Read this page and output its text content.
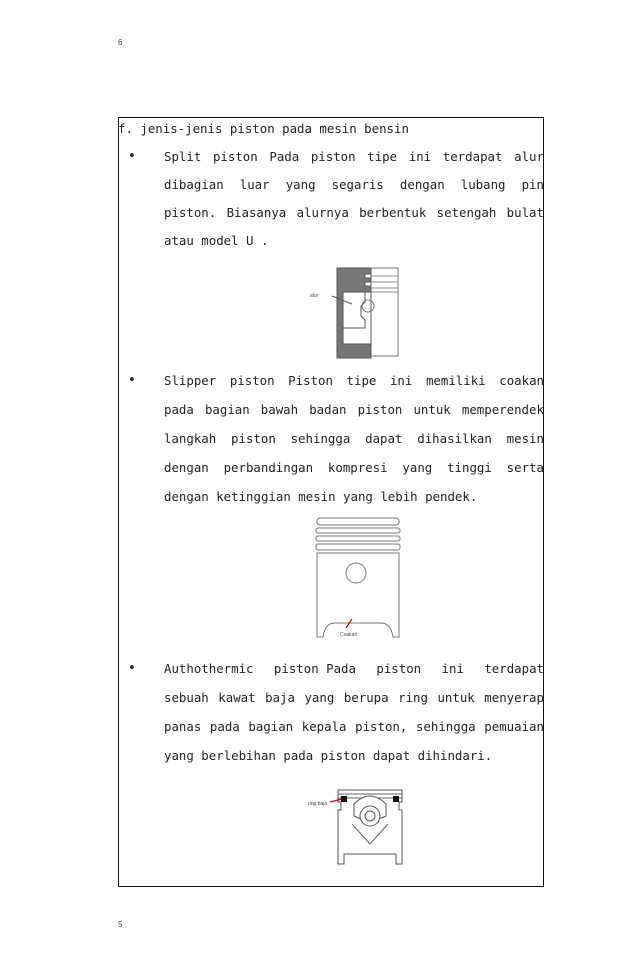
6
f. jenis-jenis piston pada mesin bensin
• Split piston Pada piston tipe ini terdapat alur
dibagian luar yang segaris dengan lubang pin
piston. Biasanya alurnya berbentuk setengah bulat
atau model U .
alur
• Slipper piston Piston tipe ini memiliki coakan
pada bagian bawah badan piston untuk memperendek
langkah piston sehingga dapat dihasilkan mesin
dengan perbandingan kompresi yang tinggi serta
dengan ketinggian mesin yang lebih pendek.
Coakan
• Authothermic piston Pada piston ini terdapat
sebuah kawat baja yang berupa ring untuk menyerap
panas pada bagian kepala piston, sehingga pemuaian
yang berlebihan pada piston dapat dihindari.
ring baja
5
